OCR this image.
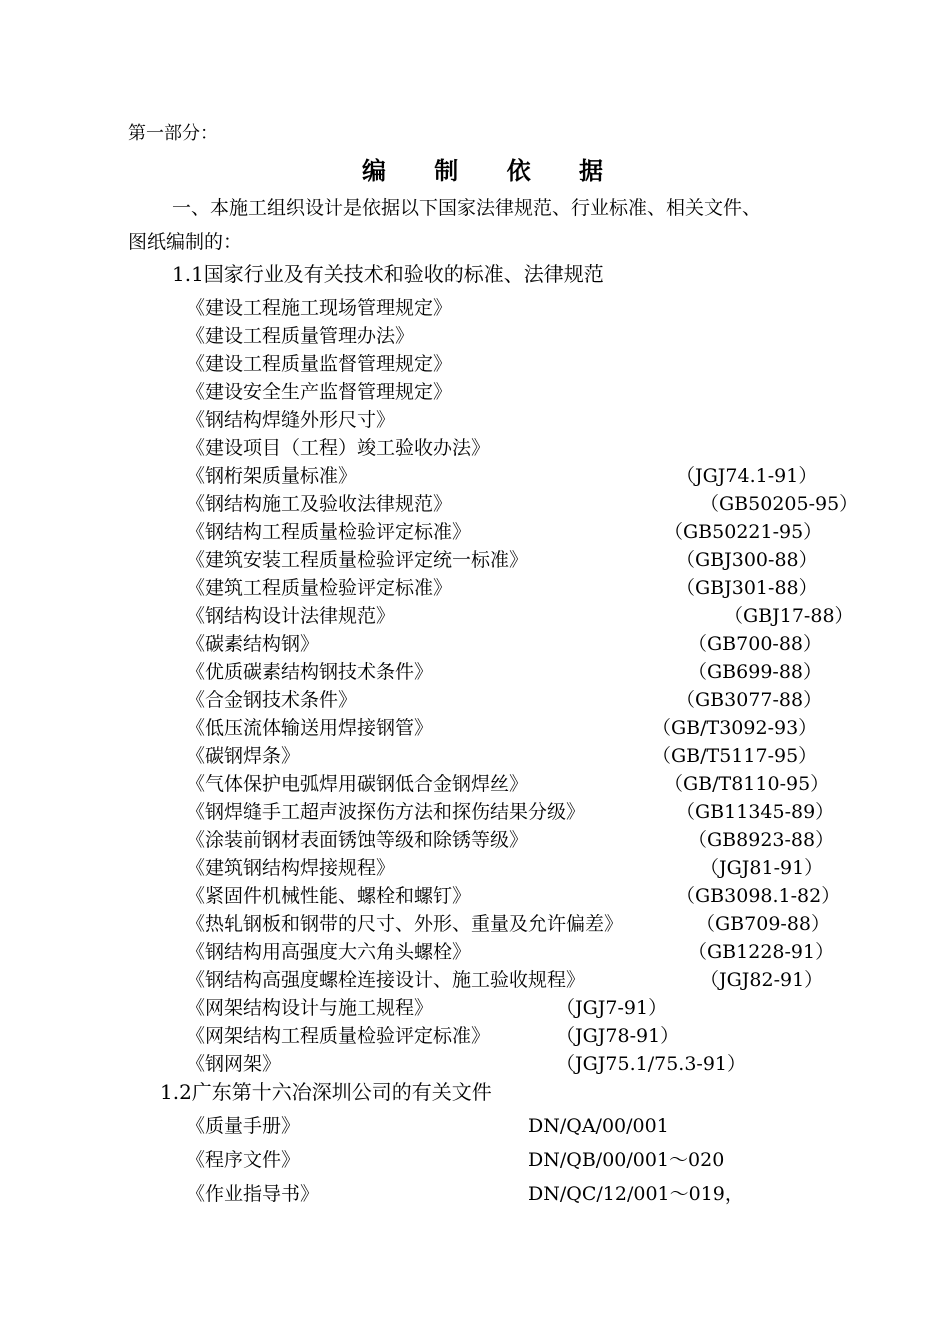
第一部分：
编 制 依 据
一、本施工组织设计是依据以下国家法律规范、行业标准、相关文件、
图纸编制的：
1.1国家行业及有关技术和验收的标准、法律规范
《建设工程施工现场管理规定》
《建设工程质量管理办法》
《建设工程质量监督管理规定》
《建设安全生产监督管理规定》
《钢结构焊缝外形尺寸》
《建设项目（工程）竣工验收办法》
《钢桁架质量标准》	（JGJ74.1-91）
《钢结构施工及验收法律规范》	（GB50205-95）
《钢结构工程质量检验评定标准》	（GB50221-95）
《建筑安装工程质量检验评定统一标准》	（GBJ300-88）
《建筑工程质量检验评定标准》	（GBJ301-88）
《钢结构设计法律规范》	（GBJ17-88）
《碳素结构钢》	（GB700-88）
《优质碳素结构钢技术条件》	（GB699-88）
《合金钢技术条件》	（GB3077-88）
《低压流体输送用焊接钢管》	（GB/T3092-93）
《碳钢焊条》	（GB/T5117-95）
《气体保护电弧焊用碳钢低合金钢焊丝》	（GB/T8110-95）
《钢焊缝手工超声波探伤方法和探伤结果分级》	（GB11345-89）
《涂装前钢材表面锈蚀等级和除锈等级》	（GB8923-88）
《建筑钢结构焊接规程》	（JGJ81-91）
《紧固件机械性能、螺栓和螺钉》	（GB3098.1-82）
《热轧钢板和钢带的尺寸、外形、重量及允许偏差》	（GB709-88）
《钢结构用高强度大六角头螺栓》	（GB1228-91）
《钢结构高强度螺栓连接设计、施工验收规程》	（JGJ82-91）
《网架结构设计与施工规程》	（JGJ7-91）
《网架结构工程质量检验评定标准》	（JGJ78-91）
《钢网架》	（JGJ75.1/75.3-91）
1.2广东第十六冶深圳公司的有关文件
《质量手册》	DN/QA/00/001
《程序文件》	DN/QB/00/001～020
《作业指导书》	DN/QC/12/001～019，
